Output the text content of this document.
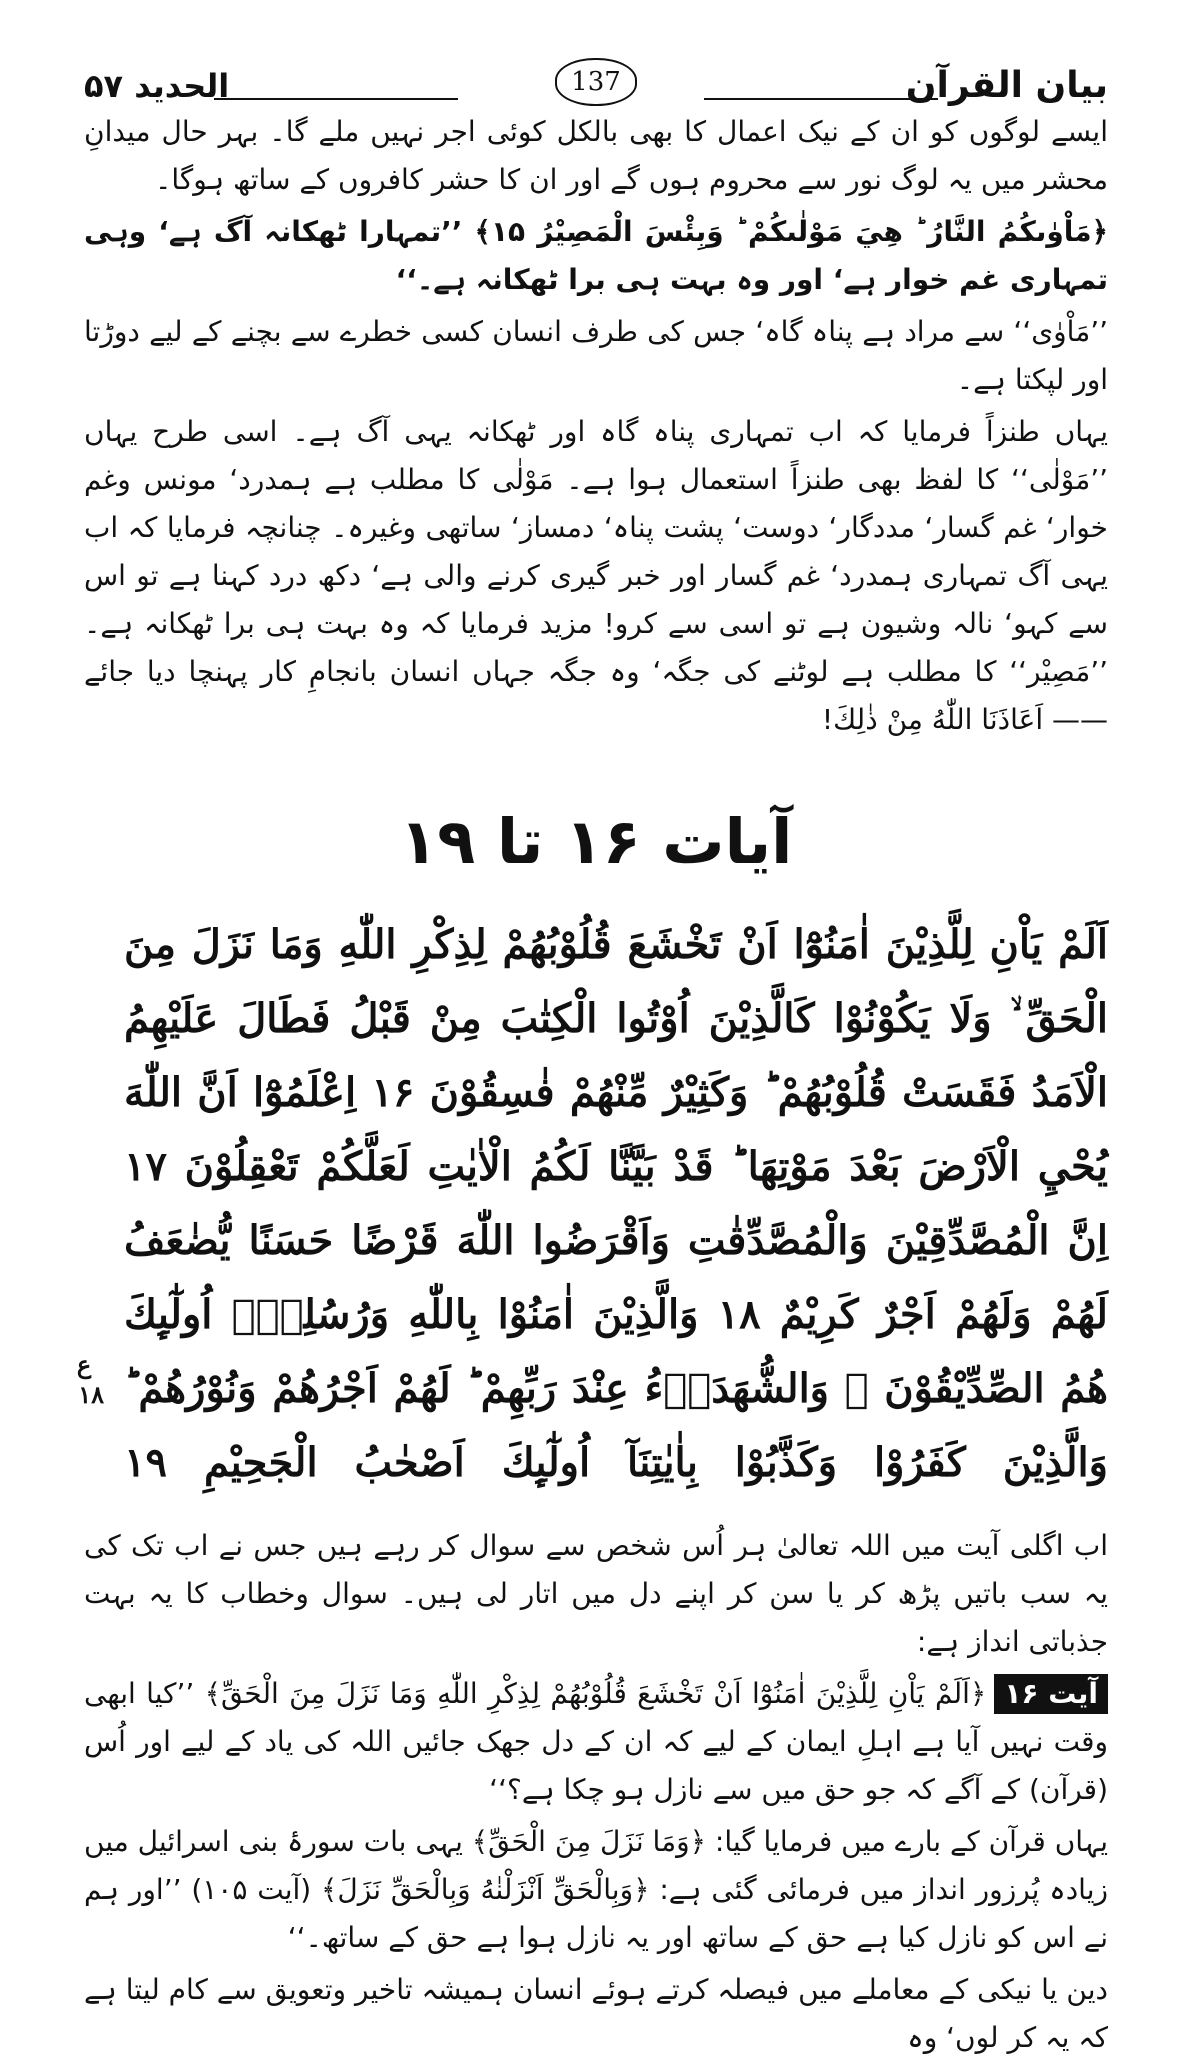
بیان القرآن
137
الحدید ۵۷

ایسے لوگوں کو ان کے نیک اعمال کا بھی بالکل کوئی اجر نہیں ملے گا۔ بہر حال میدانِ محشر میں یہ لوگ نور سے محروم ہوں گے اور ان کا حشر کافروں کے ساتھ ہوگا۔

﴿مَاْوٰىكُمُ النَّارُ ؕ هِيَ مَوْلٰىكُمْ ؕ وَبِئْسَ الْمَصِيْرُ ۱۵﴾ ’’تمہارا ٹھکانہ آگ ہے‘ وہی تمہاری غم خوار ہے‘ اور وہ بہت ہی برا ٹھکانہ ہے۔‘‘

’’مَاْوٰی‘‘ سے مراد ہے پناہ گاہ‘ جس کی طرف انسان کسی خطرے سے بچنے کے لیے دوڑتا اور لپکتا ہے۔

یہاں طنزاً فرمایا کہ اب تمہاری پناہ گاہ اور ٹھکانہ یہی آگ ہے۔ اسی طرح یہاں ’’مَوْلٰی‘‘ کا لفظ بھی طنزاً استعمال ہوا ہے۔ مَوْلٰی کا مطلب ہے ہمدرد‘ مونس وغم خوار‘ غم گسار‘ مددگار‘ دوست‘ پشت پناہ‘ دمساز‘ ساتھی وغیرہ۔ چنانچہ فرمایا کہ اب یہی آگ تمہاری ہمدرد‘ غم گسار اور خبر گیری کرنے والی ہے‘ دکھ درد کہنا ہے تو اس سے کہو‘ نالہ وشیون ہے تو اسی سے کرو! مزید فرمایا کہ وہ بہت ہی برا ٹھکانہ ہے۔ ’’مَصِيْر‘‘ کا مطلب ہے لوٹنے کی جگہ‘ وہ جگہ جہاں انسان بانجامِ کار پہنچا دیا جائے —— اَعَاذَنَا اللّٰهُ مِنْ ذٰلِكَ!

آیات ۱۶ تا ۱۹
اَلَمْ يَاْنِ لِلَّذِيْنَ اٰمَنُوْٓا اَنْ تَخْشَعَ قُلُوْبُهُمْ لِذِكْرِ اللّٰهِ وَمَا نَزَلَ مِنَ الْحَقِّ ۙ وَلَا يَكُوْنُوْا كَالَّذِيْنَ اُوْتُوا الْكِتٰبَ مِنْ قَبْلُ فَطَالَ عَلَيْهِمُ الْاَمَدُ فَقَسَتْ قُلُوْبُهُمْ ؕ وَكَثِيْرٌ مِّنْهُمْ فٰسِقُوْنَ ۱۶ اِعْلَمُوْٓا اَنَّ اللّٰهَ يُحْيِ الْاَرْضَ بَعْدَ مَوْتِهَا ؕ قَدْ بَيَّنَّا لَكُمُ الْاٰيٰتِ لَعَلَّكُمْ تَعْقِلُوْنَ ۱۷ اِنَّ الْمُصَّدِّقِيْنَ وَالْمُصَّدِّقٰتِ وَاَقْرَضُوا اللّٰهَ قَرْضًا حَسَنًا يُّضٰعَفُ لَهُمْ وَلَهُمْ اَجْرٌ كَرِيْمٌ ۱۸ وَالَّذِيْنَ اٰمَنُوْا بِاللّٰهِ وَرُسُلِهٖٓ اُولٰٓىِٕكَ هُمُ الصِّدِّيْقُوْنَ ۖ وَالشُّهَدَاۗءُ عِنْدَ رَبِّهِمْ ؕ لَهُمْ اَجْرُهُمْ وَنُوْرُهُمْ ؕ وَالَّذِيْنَ كَفَرُوْا وَكَذَّبُوْا بِاٰيٰتِنَآ اُولٰٓىِٕكَ اَصْحٰبُ الْجَحِيْمِ ۱۹
ع ۱۸

اب اگلی آیت میں اللہ تعالیٰ ہر اُس شخص سے سوال کر رہے ہیں جس نے اب تک کی یہ سب باتیں پڑھ کر یا سن کر اپنے دل میں اتار لی ہیں۔ سوال وخطاب کا یہ بہت جذباتی انداز ہے:

آیت ۱۶﴿اَلَمْ يَاْنِ لِلَّذِيْنَ اٰمَنُوْٓا اَنْ تَخْشَعَ قُلُوْبُهُمْ لِذِكْرِ اللّٰهِ وَمَا نَزَلَ مِنَ الْحَقِّ﴾ ’’کیا ابھی وقت نہیں آیا ہے اہلِ ایمان کے لیے کہ ان کے دل جھک جائیں اللہ کی یاد کے لیے اور اُس (قرآن) کے آگے کہ جو حق میں سے نازل ہو چکا ہے؟‘‘

یہاں قرآن کے بارے میں فرمایا گیا: ﴿وَمَا نَزَلَ مِنَ الْحَقِّ﴾ یہی بات سورۂ بنی اسرائیل میں زیادہ پُرزور انداز میں فرمائی گئی ہے: ﴿وَبِالْحَقِّ اَنْزَلْنٰهُ وَبِالْحَقِّ نَزَلَ﴾ (آیت ۱۰۵) ’’اور ہم نے اس کو نازل کیا ہے حق کے ساتھ اور یہ نازل ہوا ہے حق کے ساتھ۔‘‘

دین یا نیکی کے معاملے میں فیصلہ کرتے ہوئے انسان ہمیشہ تاخیر وتعویق سے کام لیتا ہے کہ یہ کر لوں‘ وہ
